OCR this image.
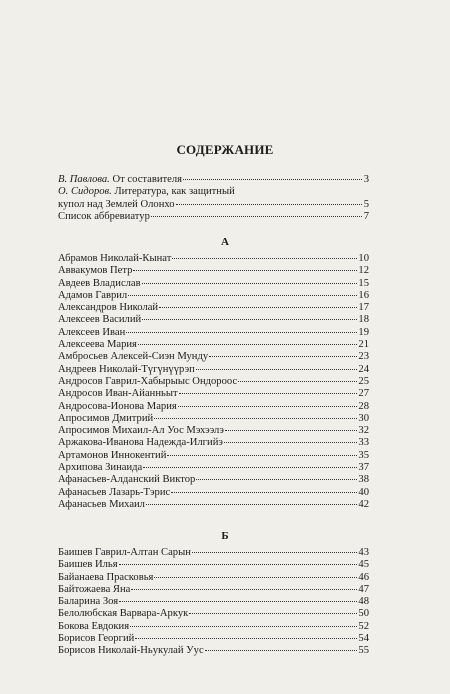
СОДЕРЖАНИЕ
В. Павлова. От составителя	3
О. Сидоров. Литература, как защитный
купол над Землей Олонхо	5
Список аббревиатур	7
А
Абрамов Николай-Кынат	10
Аввакумов Петр	12
Авдеев Владислав	15
Адамов Гаврил	16
Александров Николай	17
Алексеев Василий	18
Алексеев Иван	19
Алексеева Мария	21
Амбросьев Алексей-Сиэн Мунду	23
Андреев Николай-Түгүнүүрэп	24
Андросов Гаврил-Хабырыыс Ондороос	25
Андросов Иван-Айанньыт	27
Андросова-Ионова Мария	28
Апросимов Дмитрий	30
Апросимов Михаил-Ал Уос Мэхээлэ	32
Аржакова-Иванова Надежда-Илгийэ	33
Артамонов Иннокентий	35
Архипова Зинаида	37
Афанасьев-Алданский Виктор	38
Афанасьев Лазарь-Тэрис	40
Афанасьев Михаил	42
Б
Баишев Гаврил-Алтан Сарын	43
Баишев Илья	45
Байанаева Прасковья	46
Байтожаева Яна	47
Баларина Зоя	48
Белолюбская Варвара-Аркук	50
Бокова Евдокия	52
Борисов Георгий	54
Борисов Николай-Ньукулай Уус	55
